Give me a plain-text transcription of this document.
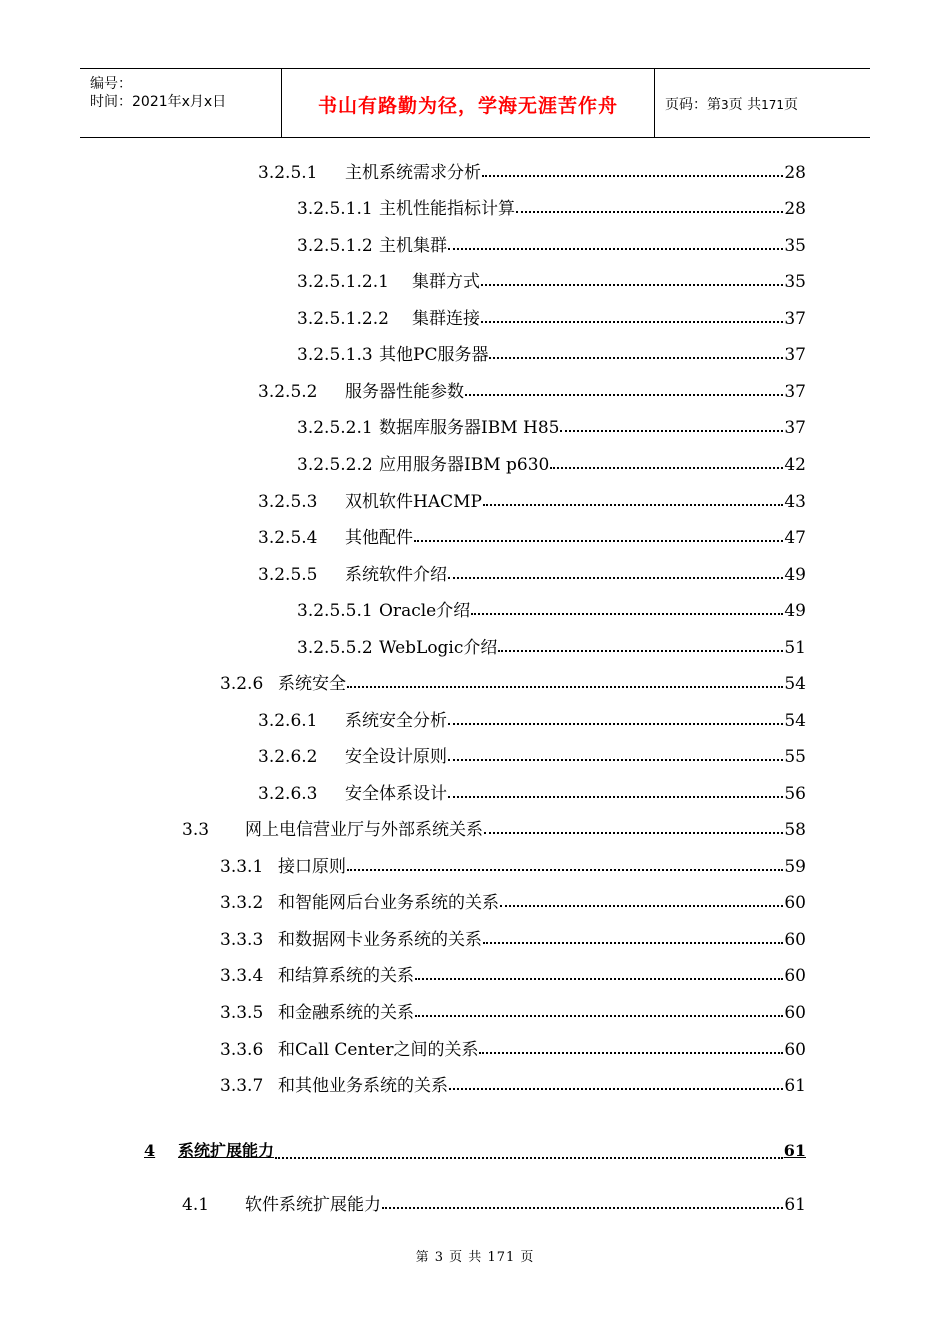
编号：
时间：2021年x月x日	书山有路勤为径，学海无涯苦作舟	页码：第3页 共171页
3.2.5.1	主机系统需求分析	28
3.2.5.1.1 主机性能指标计算	28
3.2.5.1.2 主机集群	35
3.2.5.1.2.1	集群方式	35
3.2.5.1.2.2	集群连接	37
3.2.5.1.3 其他PC服务器	37
3.2.5.2	服务器性能参数	37
3.2.5.2.1 数据库服务器IBM H85	37
3.2.5.2.2 应用服务器IBM p630	42
3.2.5.3	双机软件HACMP	43
3.2.5.4	其他配件	47
3.2.5.5	系统软件介绍	49
3.2.5.5.1 Oracle介绍	49
3.2.5.5.2 WebLogic介绍	51
3.2.6 系统安全	54
3.2.6.1	系统安全分析	54
3.2.6.2	安全设计原则	55
3.2.6.3	安全体系设计	56
3.3	网上电信营业厅与外部系统关系	58
3.3.1 接口原则	59
3.3.2 和智能网后台业务系统的关系	60
3.3.3 和数据网卡业务系统的关系	60
3.3.4 和结算系统的关系	60
3.3.5 和金融系统的关系	60
3.3.6 和Call Center之间的关系	60
3.3.7 和其他业务系统的关系	61
4	系统扩展能力	61
4.1	软件系统扩展能力	61
第 3 页 共 171 页
